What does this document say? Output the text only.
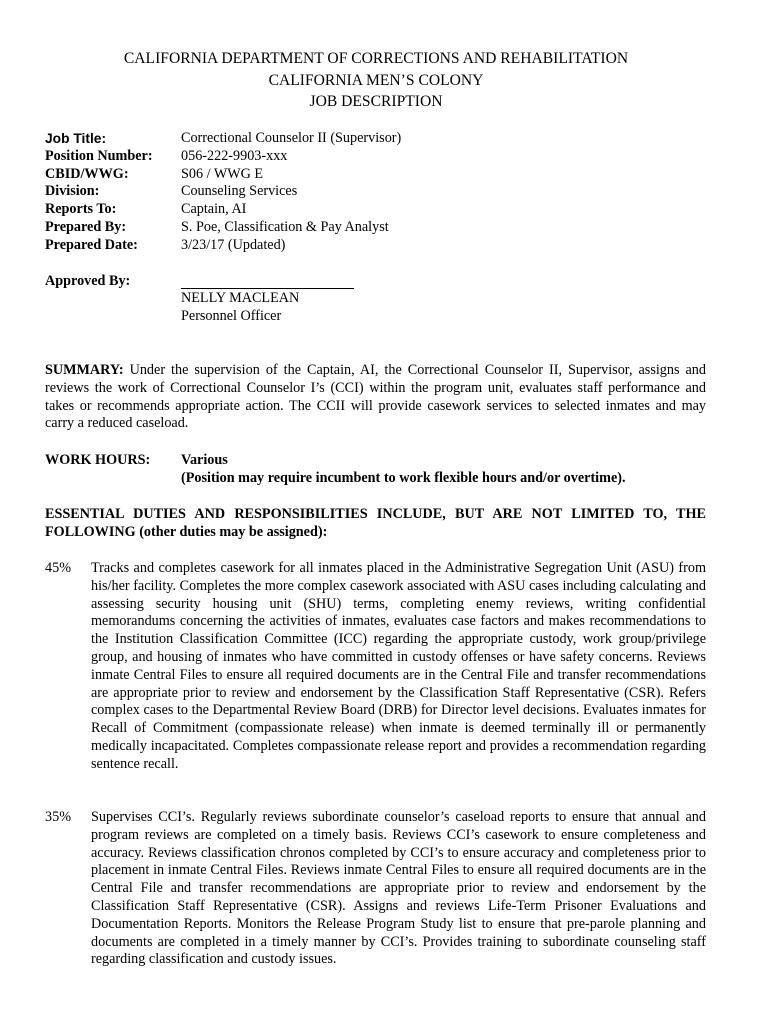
CALIFORNIA DEPARTMENT OF CORRECTIONS AND REHABILITATION
CALIFORNIA MEN’S COLONY
JOB DESCRIPTION
Job Title:	Correctional Counselor II (Supervisor)
Position Number:	056-222-9903-xxx
CBID/WWG:	S06 / WWG E
Division:	Counseling Services
Reports To:	Captain, AI
Prepared By:	S. Poe, Classification & Pay Analyst
Prepared Date:	3/23/17 (Updated)
Approved By:
NELLY MACLEAN
Personnel Officer
SUMMARY: Under the supervision of the Captain, AI, the Correctional Counselor II, Supervisor, assigns and reviews the work of Correctional Counselor I’s (CCI) within the program unit, evaluates staff performance and takes or recommends appropriate action. The CCII will provide casework services to selected inmates and may carry a reduced caseload.
WORK HOURS:	Various
(Position may require incumbent to work flexible hours and/or overtime).
ESSENTIAL DUTIES AND RESPONSIBILITIES INCLUDE, BUT ARE NOT LIMITED TO, THE FOLLOWING (other duties may be assigned):
45%	Tracks and completes casework for all inmates placed in the Administrative Segregation Unit (ASU) from his/her facility. Completes the more complex casework associated with ASU cases including calculating and assessing security housing unit (SHU) terms, completing enemy reviews, writing confidential memorandums concerning the activities of inmates, evaluates case factors and makes recommendations to the Institution Classification Committee (ICC) regarding the appropriate custody, work group/privilege group, and housing of inmates who have committed in custody offenses or have safety concerns. Reviews inmate Central Files to ensure all required documents are in the Central File and transfer recommendations are appropriate prior to review and endorsement by the Classification Staff Representative (CSR). Refers complex cases to the Departmental Review Board (DRB) for Director level decisions. Evaluates inmates for Recall of Commitment (compassionate release) when inmate is deemed terminally ill or permanently medically incapacitated. Completes compassionate release report and provides a recommendation regarding sentence recall.
35%	Supervises CCI’s. Regularly reviews subordinate counselor’s caseload reports to ensure that annual and program reviews are completed on a timely basis. Reviews CCI’s casework to ensure completeness and accuracy. Reviews classification chronos completed by CCI’s to ensure accuracy and completeness prior to placement in inmate Central Files. Reviews inmate Central Files to ensure all required documents are in the Central File and transfer recommendations are appropriate prior to review and endorsement by the Classification Staff Representative (CSR). Assigns and reviews Life-Term Prisoner Evaluations and Documentation Reports. Monitors the Release Program Study list to ensure that pre-parole planning and documents are completed in a timely manner by CCI’s. Provides training to subordinate counseling staff regarding classification and custody issues.
